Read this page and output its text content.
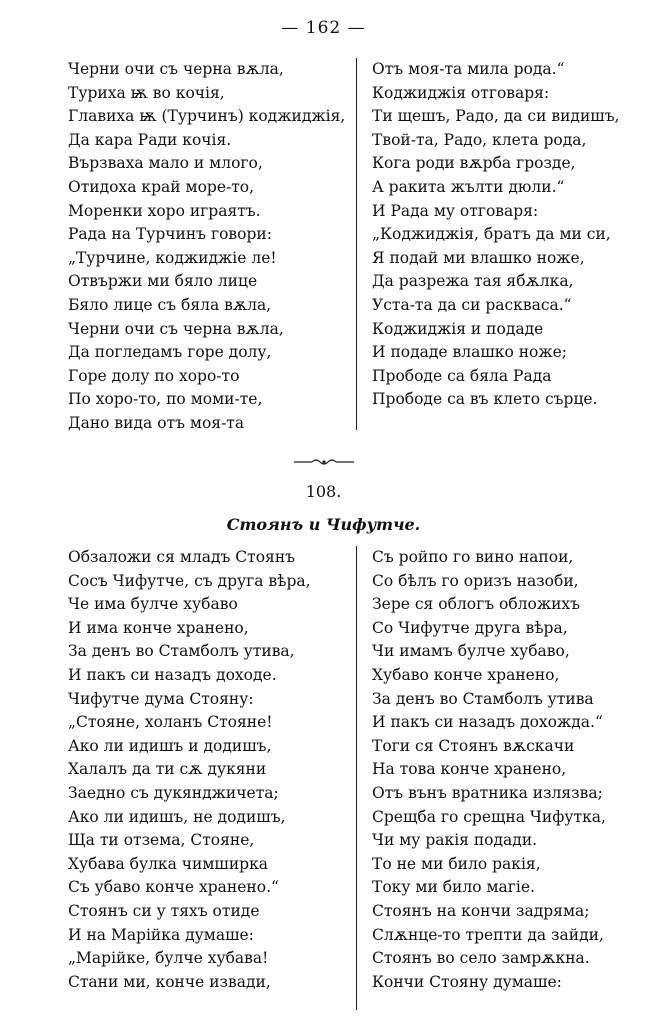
— 162 —
Черни очи съ черна вѫла,
Туриха ѭ во кочія,
Главиха ѭ (Турчинъ) коджиджія,
Да кара Ради кочія.
Вързваха мало и млого,
Отидоха край море-то,
Моренки хоро играятъ.
Рада на Турчинъ говори:
„Турчине, коджиджіе ле!
Отвържи ми бяло лице
Бяло лице съ бяла вѫла,
Черни очи съ черна вѫла,
Да погледамъ горе долу,
Горе долу по хоро-то
По хоро-то, по моми-те,
Дано вида отъ моя-та
Отъ моя-та мила рода.“
Коджиджія отговаря:
Ти щешъ, Радо, да си видишъ,
Твой-та, Радо, клета рода,
Кога роди вѫрба грозде,
А ракита жълти дюли.“
И Рада му отговаря:
„Коджиджія, братъ да ми си,
Я подай ми влашко ноже,
Да разрежа тая ябѫлка,
Уста-та да си расквасa.“
Коджиджія и подаде
И подаде влашко ноже;
Прободе са бяла Рада
Прободе са въ клето сърце.
108.
Стоянъ и Чифутче.
Обзаложи ся младъ Стоянъ
Сосъ Чифутче, съ друга вѣра,
Че има булче хубаво
И има конче хранено,
За денъ во Стамболъ утива,
И пакъ си назадъ доходе.
Чифутче дума Стояну:
„Стояне, холанъ Стояне!
Ако ли идишъ и додишъ,
Халалъ да ти сѫ дукяни
Заедно съ дукянджичета;
Ако ли идишъ, не додишъ,
Ща ти отзема, Стояне,
Хубава булка чимширка
Съ убаво конче хранено.“
Стоянъ си у тяхъ отиде
И на Марійка думаше:
„Марійке, булче хубава!
Стани ми, конче извади,
Съ ройпо го вино напои,
Со бѣлъ го оризъ назоби,
Зере ся облогъ обложихъ
Со Чифутче друга вѣра,
Чи имамъ булче хубаво,
Хубаво конче хранено,
За денъ во Стамболъ утива
И пакъ си назадъ дохожда.“
Тоги ся Стоянъ вѫскачи
На това конче хранено,
Отъ вънъ вратника излязва;
Срещба го срещна Чифутка,
Чи му ракія подади.
То не ми било ракія,
Току ми било магіе.
Стоянъ на кончи задряма;
Слѫнце-то трепти да зайди,
Стоянъ во село замрѫкна.
Кончи Стояну думаше:
